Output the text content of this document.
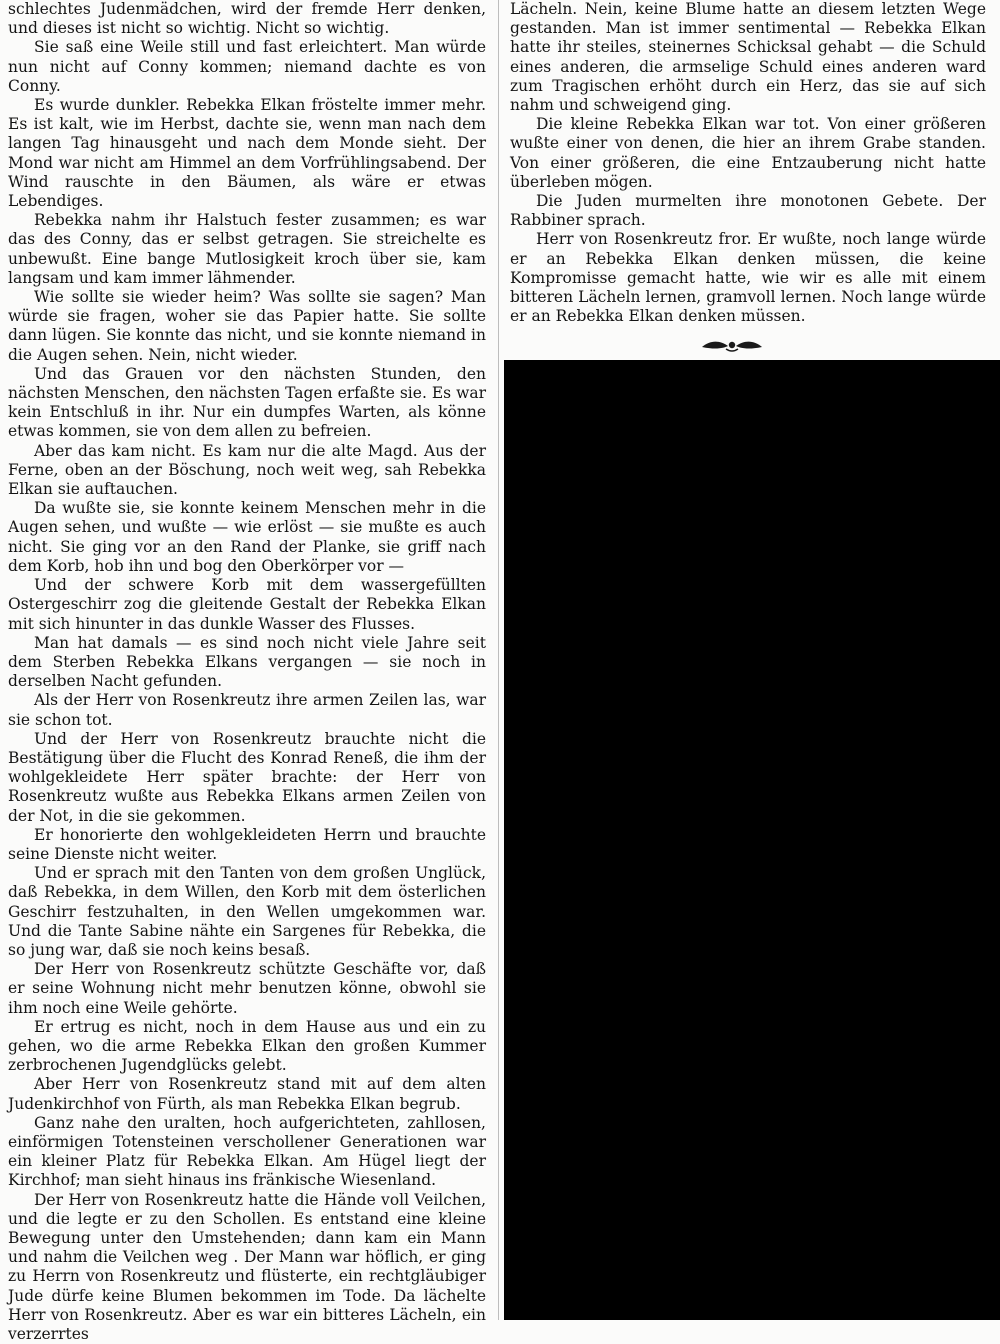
schlechtes Judenmädchen, wird der fremde Herr denken, und dieses ist nicht so wichtig. Nicht so wichtig.

Sie saß eine Weile still und fast erleichtert. Man würde nun nicht auf Conny kommen; niemand dachte es von Conny.

Es wurde dunkler. Rebekka Elkan fröstelte immer mehr. Es ist kalt, wie im Herbst, dachte sie, wenn man nach dem langen Tag hinausgeht und nach dem Monde sieht. Der Mond war nicht am Himmel an dem Vorfrühlingsabend. Der Wind rauschte in den Bäumen, als wäre er etwas Lebendiges.

Rebekka nahm ihr Halstuch fester zusammen; es war das des Conny, das er selbst getragen. Sie streichelte es unbewußt. Eine bange Mutlosigkeit kroch über sie, kam langsam und kam immer lähmender.

Wie sollte sie wieder heim? Was sollte sie sagen? Man würde sie fragen, woher sie das Papier hatte. Sie sollte dann lügen. Sie konnte das nicht, und sie konnte niemand in die Augen sehen. Nein, nicht wieder.

Und das Grauen vor den nächsten Stunden, den nächsten Menschen, den nächsten Tagen erfaßte sie. Es war kein Entschluß in ihr. Nur ein dumpfes Warten, als könne etwas kommen, sie von dem allen zu befreien.

Aber das kam nicht. Es kam nur die alte Magd. Aus der Ferne, oben an der Böschung, noch weit weg, sah Rebekka Elkan sie auftauchen.

Da wußte sie, sie konnte keinem Menschen mehr in die Augen sehen, und wußte — wie erlöst — sie mußte es auch nicht. Sie ging vor an den Rand der Planke, sie griff nach dem Korb, hob ihn und bog den Oberkörper vor —

Und der schwere Korb mit dem wassergefüllten Ostergeschirr zog die gleitende Gestalt der Rebekka Elkan mit sich hinunter in das dunkle Wasser des Flusses.

Man hat damals — es sind noch nicht viele Jahre seit dem Sterben Rebekka Elkans vergangen — sie noch in derselben Nacht gefunden.

Als der Herr von Rosenkreutz ihre armen Zeilen las, war sie schon tot.

Und der Herr von Rosenkreutz brauchte nicht die Bestätigung über die Flucht des Konrad Reneß, die ihm der wohlgekleidete Herr später brachte: der Herr von Rosenkreutz wußte aus Rebekka Elkans armen Zeilen von der Not, in die sie gekommen.

Er honorierte den wohlgekleideten Herrn und brauchte seine Dienste nicht weiter.

Und er sprach mit den Tanten von dem großen Unglück, daß Rebekka, in dem Willen, den Korb mit dem österlichen Geschirr festzuhalten, in den Wellen umgekommen war. Und die Tante Sabine nähte ein Sargenes für Rebekka, die so jung war, daß sie noch keins besaß.

Der Herr von Rosenkreutz schützte Geschäfte vor, daß er seine Wohnung nicht mehr benutzen könne, obwohl sie ihm noch eine Weile gehörte.

Er ertrug es nicht, noch in dem Hause aus und ein zu gehen, wo die arme Rebekka Elkan den großen Kummer zerbrochenen Jugendglücks gelebt.

Aber Herr von Rosenkreutz stand mit auf dem alten Judenkirchhof von Fürth, als man Rebekka Elkan begrub.

Ganz nahe den uralten, hoch aufgerichteten, zahllosen, einförmigen Totensteinen verschollener Generationen war ein kleiner Platz für Rebekka Elkan. Am Hügel liegt der Kirchhof; man sieht hinaus ins fränkische Wiesenland.

Der Herr von Rosenkreutz hatte die Hände voll Veilchen, und die legte er zu den Schollen. Es entstand eine kleine Bewegung unter den Umstehenden; dann kam ein Mann und nahm die Veilchen weg . Der Mann war höflich, er ging zu Herrn von Rosenkreutz und flüsterte, ein rechtgläubiger Jude dürfe keine Blumen bekommen im Tode. Da lächelte Herr von Rosenkreutz. Aber es war ein bitteres Lächeln, ein verzerrtes

Lächeln. Nein, keine Blume hatte an diesem letzten Wege gestanden. Man ist immer sentimental — Rebekka Elkan hatte ihr steiles, steinernes Schicksal gehabt — die Schuld eines anderen, die armselige Schuld eines anderen ward zum Tragischen erhöht durch ein Herz, das sie auf sich nahm und schweigend ging.

Die kleine Rebekka Elkan war tot. Von einer größeren wußte einer von denen, die hier an ihrem Grabe standen. Von einer größeren, die eine Entzauberung nicht hatte überleben mögen.

Die Juden murmelten ihre monotonen Gebete. Der Rabbiner sprach.

Herr von Rosenkreutz fror. Er wußte, noch lange würde er an Rebekka Elkan denken müssen, die keine Kompromisse gemacht hatte, wie wir es alle mit einem bitteren Lächeln lernen, gramvoll lernen. Noch lange würde er an Rebekka Elkan denken müssen.
